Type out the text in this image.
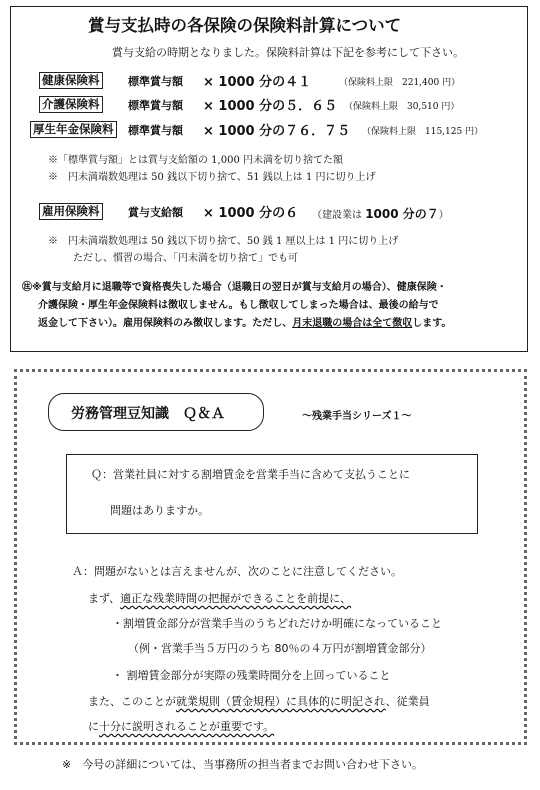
賞与支払時の各保険の保険料計算について
賞与支給の時期となりました。保険料計算は下記を参考にして下さい。
健康保険料	標準賞与額 × 1000 分の４１	（保険料上限　221,400 円）
介護保険料	標準賞与額 × 1000 分の５．６５ （保険料上限　30,510 円）
厚生年金保険料 標準賞与額 × 1000 分の７６．７５ （保険料上限　115,125 円）
※「標準賞与額」とは賞与支給額の 1,000 円未満を切り捨てた額
※　円未満端数処理は 50 銭以下切り捨て、51 銭以上は 1 円に切り上げ
雇用保険料	賞与支給額 × 1000 分の６ （建設業は 1000 分の７）
※　円未満端数処理は 50 銭以下切り捨て、50 銭 1 厘以上は 1 円に切り上げ
ただし、慣習の場合、「円未満を切り捨て」でも可
㊟※賞与支給月に退職等で資格喪失した場合（退職日の翌日が賞与支給月の場合）、健康保険・
介護保険・厚生年金保険料は徴収しません。もし徴収してしまった場合は、最後の給与で
返金して下さい）。雇用保険料のみ徴収します。ただし、月末退職の場合は全て徴収します。
労務管理豆知識　Ｑ＆Ａ	～残業手当シリーズ１～
Ｑ：営業社員に対する割増賃金を営業手当に含めて支払うことに
問題はありますか。
Ａ：問題がないとは言えませんが、次のことに注意してください。
まず、適正な残業時間の把握ができることを前提に、
・割増賃金部分が営業手当のうちどれだけか明確になっていること
（例・営業手当５万円のうち 80％の４万円が割増賃金部分）
・ 割増賃金部分が実際の残業時間分を上回っていること
また、このことが就業規則（賃金規程）に具体的に明記され、従業員
に十分に説明されることが重要です。
※　今号の詳細については、当事務所の担当者までお問い合わせ下さい。
